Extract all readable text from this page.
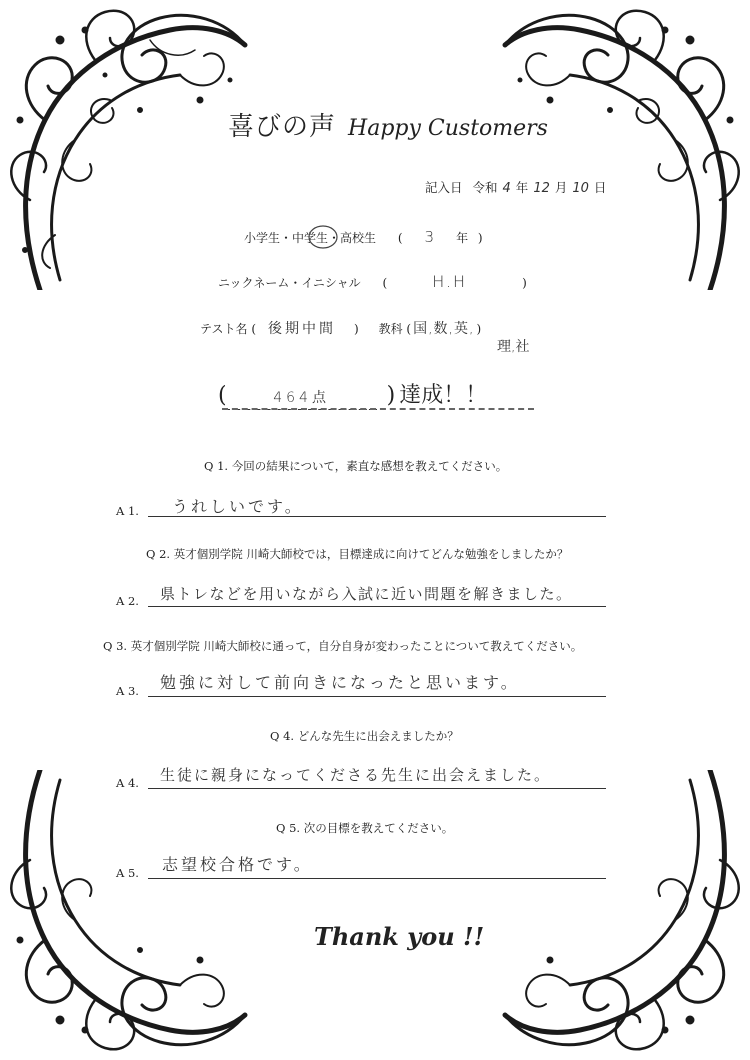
喜びの声 Happy Customers
記入日 令和 4 年 12 月 10 日
小学生・中学生・高校生 ( 3 年 )
ニックネーム・イニシャル (	H.H	)
テスト名 ( 後期中間 ) 教科 ( 国,数,英, )
理,社
(	464点	) 達成！！
Q 1. 今回の結果について，素直な感想を教えてください。
A 1. うれしいです。
Q 2. 英才個別学院 川崎大師校では，目標達成に向けてどんな勉強をしましたか？
A 2. 県トレなどを用いながら入試に近い問題を解きました。
Q 3. 英才個別学院 川崎大師校に通って，自分自身が変わったことについて教えてください。
A 3. 勉強に対して前向きになったと思います。
Q 4. どんな先生に出会えましたか？
A 4. 生徒に親身になってくださる先生に出会えました。
Q 5. 次の目標を教えてください。
A 5. 志望校合格です。
Thank you !!
